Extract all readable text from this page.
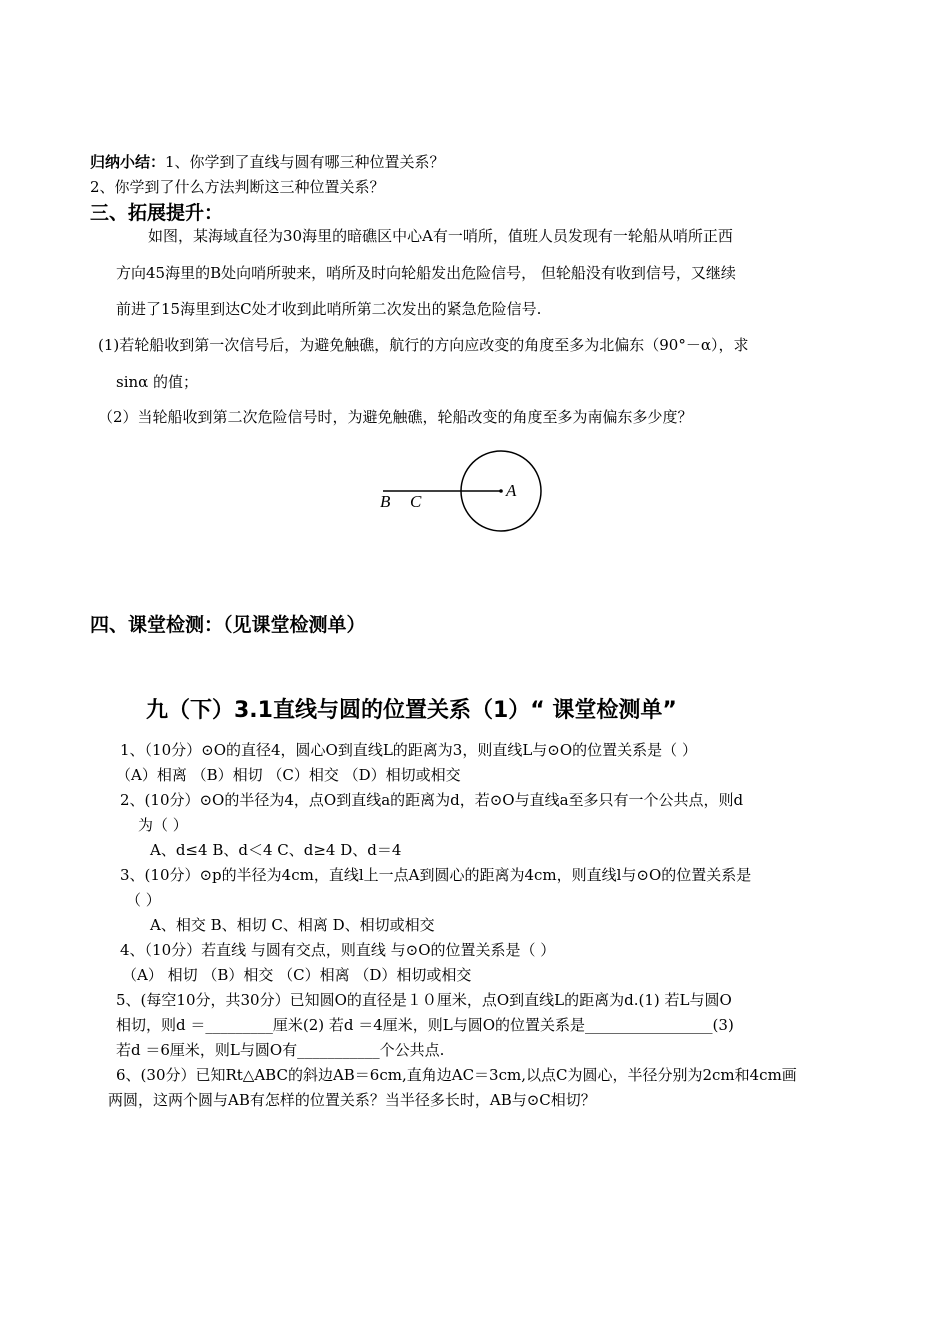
归纳小结：1、你学到了直线与圆有哪三种位置关系？
2、你学到了什么方法判断这三种位置关系？
三、拓展提升：
如图，某海域直径为30海里的暗礁区中心A有一哨所，值班人员发现有一轮船从哨所正西
方向45海里的B处向哨所驶来，哨所及时向轮船发出危险信号， 但轮船没有收到信号，又继续
前进了15海里到达C处才收到此哨所第二次发出的紧急危险信号.
(1)若轮船收到第一次信号后，为避免触礁，航行的方向应改变的角度至多为北偏东（90°－α），求
sinα 的值；
（2）当轮船收到第二次危险信号时，为避免触礁，轮船改变的角度至多为南偏东多少度？
A
B C
四、课堂检测：（见课堂检测单）
九（下）3.1直线与圆的位置关系（1）“ 课堂检测单”
1、（10分）⊙O的直径4，圆心O到直线L的距离为3，则直线L与⊙O的位置关系是（ ）
（A）相离 （B）相切 （C）相交 （D）相切或相交
2、(10分）⊙O的半径为4，点O到直线a的距离为d，若⊙O与直线a至多只有一个公共点，则d
为（ ）
A、d≤4 B、d＜4 C、d≥4 D、d＝4
3、(10分）⊙p的半径为4cm，直线l上一点A到圆心的距离为4cm，则直线l与⊙O的位置关系是
（ ）
A、相交 B、相切 C、相离 D、相切或相交
4、（10分）若直线 与圆有交点，则直线 与⊙O的位置关系是（ ）
（A） 相切 （B）相交 （C）相离 （D）相切或相交
5、(每空10分，共30分）已知圆O的直径是１０厘米，点O到直线L的距离为d.(1) 若L与圆O
相切，则d ＝_________厘米(2) 若d ＝4厘米，则L与圆O的位置关系是_________________(3)
若d ＝6厘米，则L与圆O有___________个公共点.
6、(30分）已知Rt△ABC的斜边AB＝6cm,直角边AC＝3cm,以点C为圆心，半径分别为2cm和4cm画
两圆，这两个圆与AB有怎样的位置关系？当半径多长时，AB与⊙C相切？
